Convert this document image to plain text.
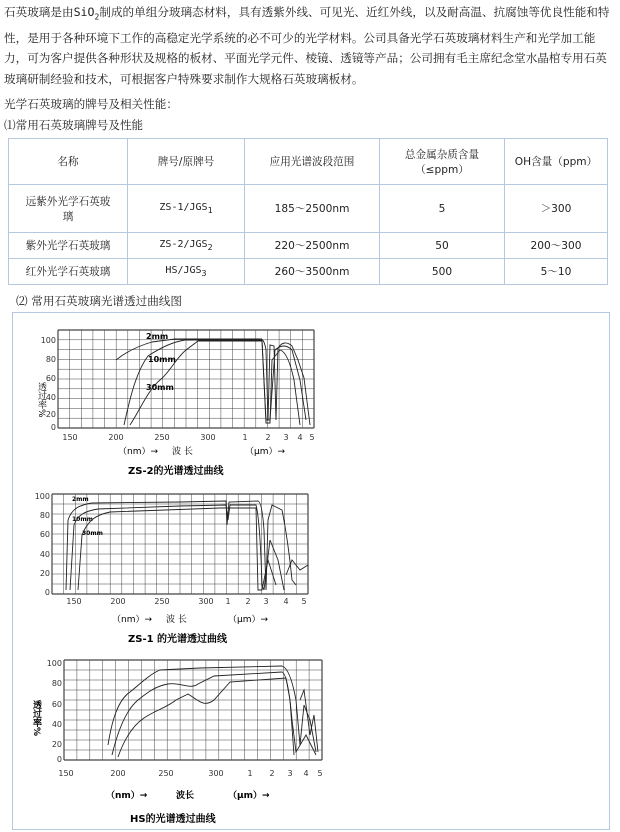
石英玻璃是由SiO$_2$制成的单组分玻璃态材料，具有透紫外线、可见光、近红外线，以及耐高温、抗腐蚀等优良性能和特性，是用于各种环境下工作的高稳定光学系统的必不可少的光学材料。公司具备光学石英玻璃材料生产和光学加工能力，可为客户提供各种形状及规格的板材、平面光学元件、棱镜、透镜等产品；公司拥有毛主席纪念堂水晶棺专用石英玻璃研制经验和技术，可根据客户特殊要求制作大规格石英玻璃板材。

光学石英玻璃的牌号及相关性能：
⑴常用石英玻璃牌号及性能
名称	牌号/原牌号	应用光谱波段范围	总金属杂质含量
（≤ppm）	OH含量（ppm）
远紫外光学石英玻璃	$ZS-1/JGS_1$	185～2500nm	5	＞300
紫外光学石英玻璃	$ZS-2/JGS_2$	220～2500nm	50	200～300
红外光学石英玻璃	$HS/JGS_3$	260～3500nm	500	5～10
⑵ 常用石英玻璃光谱透过曲线图
透过率%
100
80
60
40
20
0
150	200	250	300	1 2 3 4 5
（nm）→ 波 长	（μm）→
ZS-2的光谱透过曲线
2mm
10mm
30mm
100
80
60
40
20
0
150	200	250	300 1 2 3 4 5
（nm）→ 波 长	（μm）→
ZS-1 的光谱透过曲线
2mm
10mm
30mm
透过率%
100
80
60
40
20
0
150	200	250	300	1 2 3 4 5
（nm）→	波长	（μm）→
HS的光谱透过曲线
